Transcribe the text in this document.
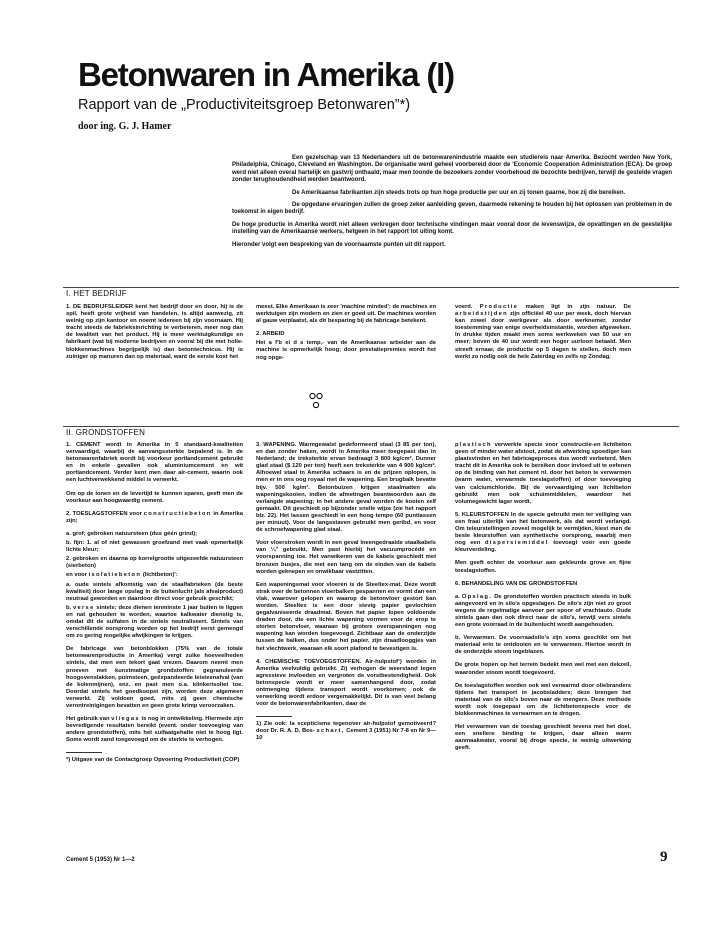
Betonwaren in Amerika (I)

Rapport van de „Productiviteitsgroep Betonwaren”*)

door ing. G. J. Hamer

Een gezelschap van 13 Nederlanders uit de betonwarenindustrie maakte een studiereis naar Amerika. Bezocht werden New York, Philadelphia, Chicago, Cleveland en Washington. De organisatie werd geheel voorbereid door de 'Economic Cooperation Administration (ECA). De groep werd niet alleen overal hartelijk en gastvrij onthaald, maar men toonde de bezoekers zonder voorbehoud de bezochte bedrijven, terwijl de gestelde vragen zonder terughoudendheid werden beantwoord.

De Amerikaanse fabrikanten zijn steeds trots op hun hoge productie per uur en zij tonen gaarne, hoe zij die bereiken.

De opgedane ervaringen zullen de groep zeker aanleiding geven, daarmede rekening te houden bij het oplossen van problemen in de toekomst in eigen bedrijf.

De hoge productie in Amerika wordt niet alleen verkregen door technische vindingen maar vooral door de levenswijze, de opvattingen en de geestelijke instelling van de Amerikaanse werkers, hetgeen in het rapport tot uiting komt.

Hieronder volgt een bespreking van de voornaamste punten uit dit rapport.

I. HET BEDRIJF

1. DE BEDRIJFSLEIDER kent het bedrijf door en door, hij is de spil, heeft grote vrijheid van handelen, is altijd aanwezig, zit weinig op zijn kantoor en noemt iedereen bij zijn voornaam. Hij tracht steeds de fabrieksinrichting te verbeteren, meer nog dan de kwaliteit van het product. Hij is meer werktuigkundige en fabrikant (wat bij moderne bedrijven en vooral bij die met holle-blokkenmachines begrijpelijk is) dan betontechnicus. Hij is zuiniger op manuren dan op materiaal, want de eerste kost het

meest. Elke Amerikaan is zeer 'machine minded'; de machines en werktuigen zijn modern en zien er goed uit. De machines worden al gauw verplaatst, als dit besparing bij de fabricage betekent.

2. ARBEID

Het a f'b ei d s temp,- van de Amerikaanse arbeider aan de machine is opmerkelijk hoog; door prestatiepremies wordt het nog opge-

voerd. Productie maken ligt in zijn natuur. De arbeidstijden zijn officiëel 40 uur per week, doch hiervan kan zowel door werkgever als door werknemer, zonder toestemming van enige overheidsinstantie, worden afgeweken. In drukke tijden maakt men soms werkweken van 50 uur en meer; boven de 40 uur wordt een hoger uurloon betaald. Men streeft ernaar, de productie op 5 dagen te stellen, doch men werkt zo nodig ook de hele Zaterdag en zelfs op Zondag.

II. GRONDSTOFFEN

1. CEMENT wordt in Amerika in 5 standaard-kwaliteiten vervaardigd, waarbij de aanvangssterkte bepalend is. In de betonwarenfabriek wordt bij voorkeur portlandcement gebruikt en in enkele gevallen ook aluminiumcement en wit portlandcement. Verder kent men daar air-cement, waarin ook een luchtverwekkend middel is verwerkt.

Om op de lonen en de levertijd te kunnen sparen, geeft men de voorkeur aan hoogwaardig cement.

2. TOESLAGSTOFFEN voor constructiebeton in Amerika zijn;

a. grof; gebroken natuursteen (dus géén grind);

b. fijn: 1. al of niet gewassen groefzand met vaak opmerkelijk lichte kleur;

2. gebroken en daarna op korrelgrootte uitgezeefde natuursteen (sierbeton)

en voor isolatiebeton (lichtbeton)':

a. oude sintels afkomstig van de staalfabrieken (de beste kwaliteit) door lange opslag in de buitenlucht (als afvalproduct) neutraal geworden en daardoor direct voor gebruik geschikt;

b. verse sintels; deze dienen tenminste 1 jaar buiten te liggen en nat gehouden te worden, waartoe kalkwater dienstig is, omdat dit de sulfaten in de sintels neutraliseert. Sintels van verschillende oorsprong worden op het bedrijf eerst gemengd om zo gering mogelijke afwijkingen te krijgen.

De fabricage van betonblokken (75% van de totale betonwarenproductie in Amerika) vergt zulke hoeveelheden sintels, dat men een tekort gaat vrezen. Daarom neemt men proeven met kunstmatige grondstoffen: gegranuleerde hoogovenslakken, puimsteen, geëxpandeerde leisteenafval (van de kolenmijnen), enz. en past men o.a. klinkerisoliet toe. Doordat sintels het goedkoopst zijn, worden deze algemeen verwerkt. Zij voldoen goed, mits zij geen chemische verontreinigingen bevatten en geen grote krimp veroorzaken.

Het gebruik van vliegas is nog in ontwikkeling. Hiermede zijn bevredigende resultaten bereikt (event. onder toevoeging van andere grondstoffen), mits het sulfaatgehalte niet te hoog ligt. Soms wordt zand toegevoegd om de sterkte te verhogen.

*) Uitgave van de Contactgroep Opvoering Productiviteit (COP)

3. WAPENING. Warmgewalst gedeformeerd staal (3 85 per ton), en dan zonder haken, wordt in Amerika meer toegepast dan in Nederland; de treksterkte ervan bedraagt 3 800 kg/cm². Dunner glad staal ($ 120 per ton) heeft een treksterkte van 4 900 kg/cm². Alhoewel staal in Amerika schaars is en de prijzen oplopen, is men er in ons oog royaal met de wapening. Een brugbalk bevatte bijv. 500 kg/m³. Betonbuizen krijgen staalmatten als wapeningskooien, indien de afmetingen beantwoorden aan de verlangde wapening; in het andere geval worden de kooien zelf gemaakt. Dit geschiedt op bijzonder snelle wijze (zie het rapport blz. 22). Het lassen geschiedt in een hoog tempo (60 puntlassen per minuut). Voor de langsstaven gebruikt men geribd, en voor de schroefwapening glad staal.

Voor vloerstroken wordt in een geval lneengedraaide staalkabels van ¼" gebruikt. Men past hierbij het vacuumprocédé en voorspanning toe. Het vanwikeren van de kabels geschiedt met bronzen busjes, die met een tang om de einden van de kabels worden geknepen en onwikbaar vastzitten.

Een wapeningsmat voor vloeren is de Steeltex-mat. Deze wordt strak over de betonnen vloerbalken gespannen en vormt dan een vlak, waarover gelopen en waarop de betonvloer gestort kan worden. Steeltex is een door stevig papier gevlochten gegalvaniseerde draadmat. Boven het papier lopen voldoende draden door, die een lichte wapening vormen voor de erop te storten betonvloer, waaraan bij grotere overspanningen nog wapening kan worden toegevoegd. Zichtbaar aan de onderzijde tussen de balken, dus onder het papier, zijn draadlooggjes van het vlechtwerk, waaraan elk soort plafond te bevestigen is.

4. CHEMISCHE TOEVOEGSTOFFEN. Air-hulpstof¹) worden in Amerika veelvuldig gebruikt. Zij verhogen de weerstand tegen agressieve invloeden en vergroten de vorstbestendigheid. Ook betonspecie wordt er meer samenhangend door, zodat ontmenging tijdens transport wordt voorkomen; ook de verwerking wordt erdoor vergemakkelijkt. Dit is van veel belang voor de betonwarenfabrikanten, daar de

1) Zie ook: la scepticisme tegenover air-hulpstof gemotiveerd? door Dr. R. A. D. Bos- schart, Cement 3 (1951) Nr 7-8 en Nr 9—10

plastisch verwerkte specie voor constructie-en lichtbeton geen of minder water afstoot, zodat de afwerking spoediger kan plaatsvinden en het fabricageproces dus wordt verbeterd. Men tracht dit in Amerika ook te bereiken door invloed uit te oefenen op de binding van het cement nl. door het beton te verwarmen (warm water, verwarmde toeslagstoffen) of door toevoeging van calciumchloride. Bij de vervaardiging van lichtbeton gebruikt men ook schuimmiddelen, waardoor het volumegewicht lager wordt.

5. KLEURSTOFFEN In de specie gebruikt men ter veiliging van een fraai uiterlijk van het betonwerk, als dat wordt verlangd. Om teleurstellingen zoveel mogelijk te vermijden, kiest men de beste kleurstoffen van synthetische oorsprong, waarbij men nog een dispersiemiddel toevoegt voor een goede kleurverdeling.

Men geeft echter de voorkeur aan gekleurde grove en fijne toeslagstoffen.

6. BEHANDELING VAN DE GRONDSTOFFEN

a. Opslag. De grondstoffen worden practisch steeds in bulk aangevoerd en in silo's opgeslagen. De silo's zijn niet zo groot wegens de regelmatige aanvoer per spoor of vrachtauto. Oude sintels gaan dan ook direct naar de silo's, terwijl vers sintels een grote voorraad in de buitenlucht wordt aangehouden.

b. Verwarmen. De voorraadsilo's zijn soms geschikt om het materiaal erin te ontdooien en te verwarmen. Hiertoe wordt in de onderzijde stoom ingeblazen.

De grote hopen op het terrein bedekt men wel met een dekzeil, waaronder stoom wordt toegevoerd.

De toeslagstoffen worden ook wel verwarmd door oliebranders tijdens het transport in jacobsladders; deze brengen het materiaal van de silo's boven naar de mengers. Deze methode wordt ook toegepast om de lichtbetonspecie voor de blokkenmachines te verwarmen en te drogen.

Het verwarmen van de toeslag geschiedt tevens met het doel, een snellere binding te krijgen, daar alleen warm aanmaakwater, vooral bij droge specie, te weinig uitwerking geeft.

Cement 5 (1953) Nr 1—2	9
